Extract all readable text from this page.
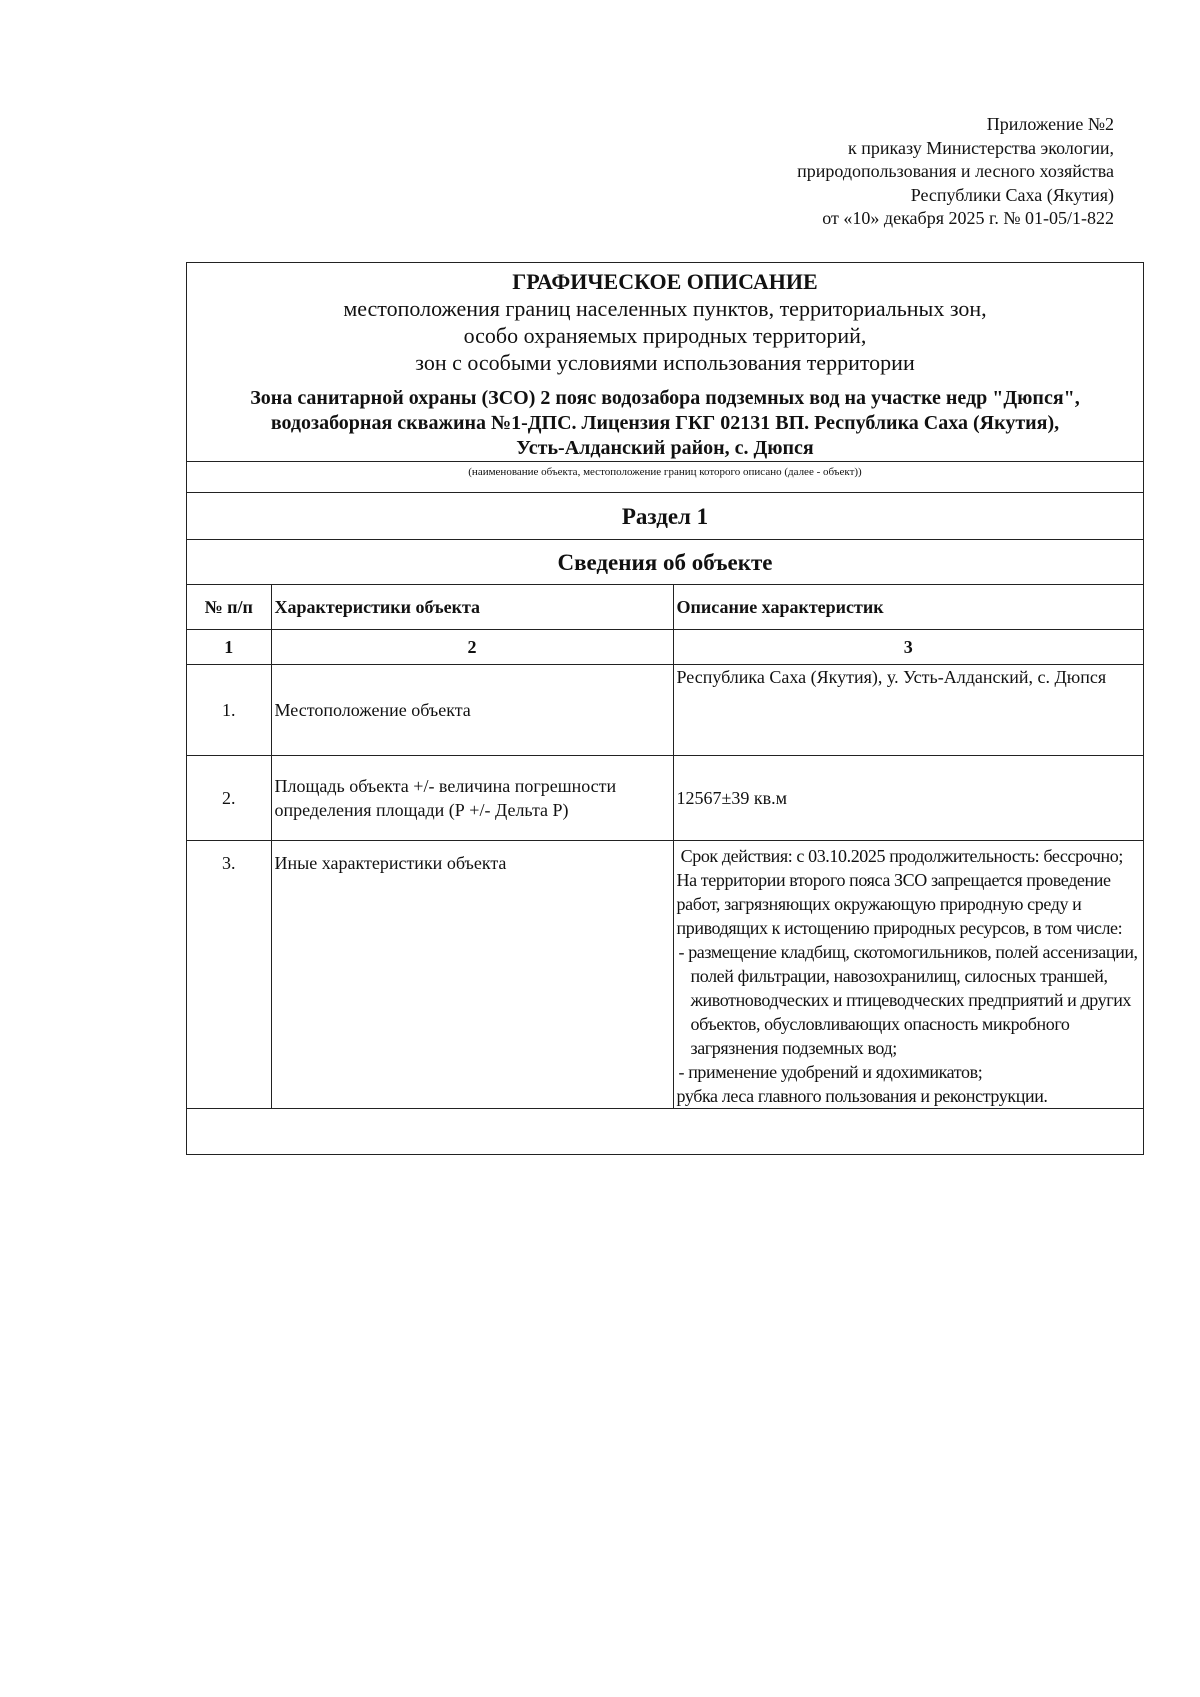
Приложение №2
к приказу Министерства экологии,
природопользования и лесного хозяйства
Республики Саха (Якутия)
от «10» декабря 2025 г. № 01-05/1-822
ГРАФИЧЕСКОЕ ОПИСАНИЕ
местоположения границ населенных пунктов, территориальных зон,
особо охраняемых природных территорий,
зон с особыми условиями использования территории
Зона санитарной охраны (ЗСО) 2 пояс водозабора подземных вод на участке недр "Дюпся",
водозаборная скважина №1-ДПС. Лицензия ГКГ 02131 ВП. Республика Саха (Якутия),
Усть-Алданский район, с. Дюпся
(наименование объекта, местоположение границ которого описано (далее - объект))
Раздел 1
Сведения об объекте
№ п/п	Характеристики объекта	Описание характеристик
1	2	3
1.	Местоположение объекта	Республика Саха (Якутия), у. Усть-Алданский, с. Дюпся
2.	Площадь объекта +/- величина погрешности определения площади (Р +/- Дельта Р)	12567±39 кв.м
3.	Иные характеристики объекта	Срок действия: с 03.10.2025 продолжительность: бессрочно; На территории второго пояса ЗСО запрещается проведение работ, загрязняющих окружающую природную среду и приводящих к истощению природных ресурсов, в том числе:
- размещение кладбищ, скотомогильников, полей ассенизации, полей фильтрации, навозохранилищ, силосных траншей, животноводческих и птицеводческих предприятий и других объектов, обусловливающих опасность микробного загрязнения подземных вод;
- применение удобрений и ядохимикатов;
рубка леса главного пользования и реконструкции.
